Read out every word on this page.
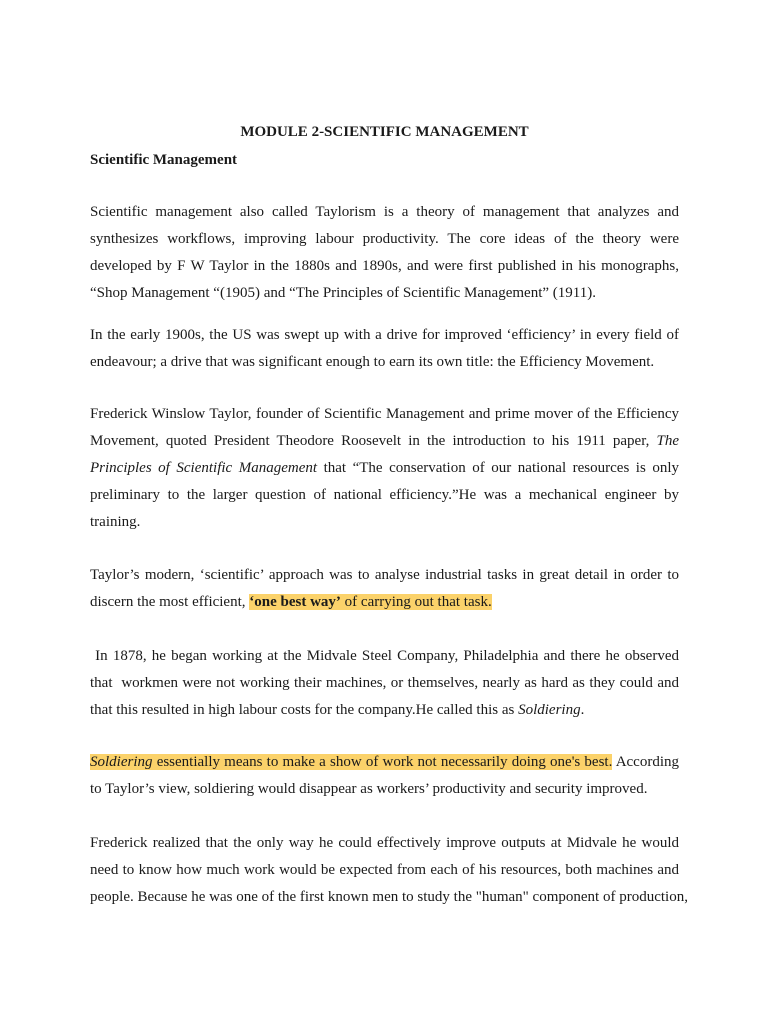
MODULE 2-SCIENTIFIC MANAGEMENT
Scientific Management
Scientific management also called Taylorism is a theory of management that analyzes and
synthesizes workflows, improving labour productivity. The core ideas of the theory were
developed by F W Taylor in the 1880s and 1890s, and were first published in his monographs,
“Shop Management “(1905) and “The Principles of Scientific Management” (1911).
In the early 1900s, the US was swept up with a drive for improved ‘efficiency’ in every field of
endeavour; a drive that was significant enough to earn its own title: the Efficiency Movement.
Frederick Winslow Taylor, founder of Scientific Management and prime mover of the Efficiency
Movement, quoted President Theodore Roosevelt in the introduction to his 1911 paper, The
Principles of Scientific Management that “The conservation of our national resources is only
preliminary to the larger question of national efficiency.”He was a mechanical engineer by
training.
Taylor’s modern, ‘scientific’ approach was to analyse industrial tasks in great detail in order to
discern the most efficient, ‘one best way’ of carrying out that task.
In 1878, he began working at the Midvale Steel Company, Philadelphia and there he observed
that  workmen were not working their machines, or themselves, nearly as hard as they could and
that this resulted in high labour costs for the company.He called this as Soldiering.
Soldiering essentially means to make a show of work not necessarily doing one's best. According
to Taylor’s view, soldiering would disappear as workers’ productivity and security improved.
Frederick realized that the only way he could effectively improve outputs at Midvale he would
need to know how much work would be expected from each of his resources, both machines and
people. Because he was one of the first known men to study the "human" component of production,
